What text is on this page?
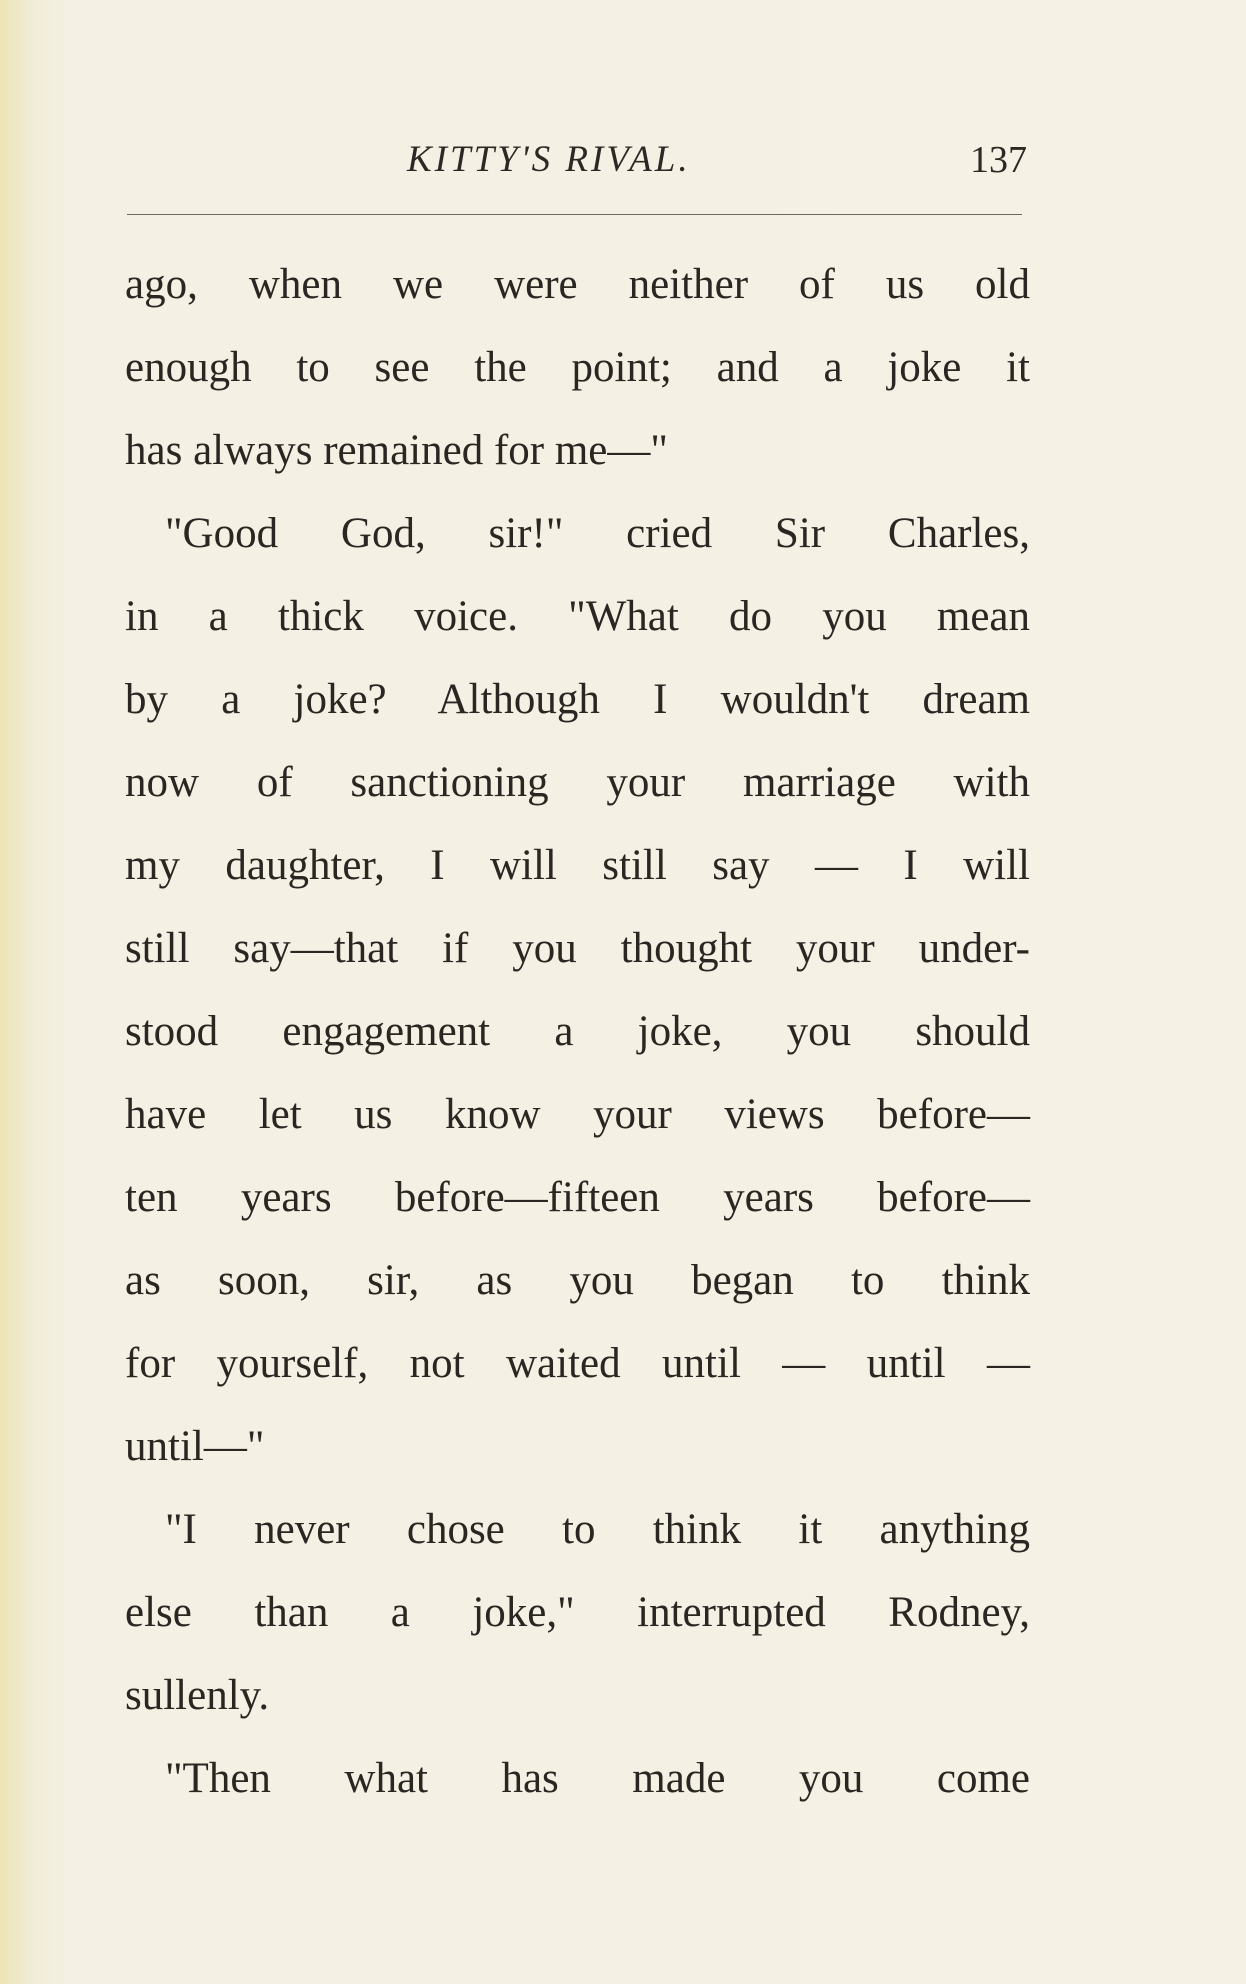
KITTY'S RIVAL.	137
ago, when we were neither of us old
enough to see the point; and a joke it
has always remained for me—"
"Good God, sir!" cried Sir Charles,
in a thick voice. "What do you mean
by a joke? Although I wouldn't dream
now of sanctioning your marriage with
my daughter, I will still say — I will
still say—that if you thought your under-
stood engagement a joke, you should
have let us know your views before—
ten years before—fifteen years before—
as soon, sir, as you began to think
for yourself, not waited until — until —
until—"
"I never chose to think it anything
else than a joke," interrupted Rodney,
sullenly.
"Then what has made you come
